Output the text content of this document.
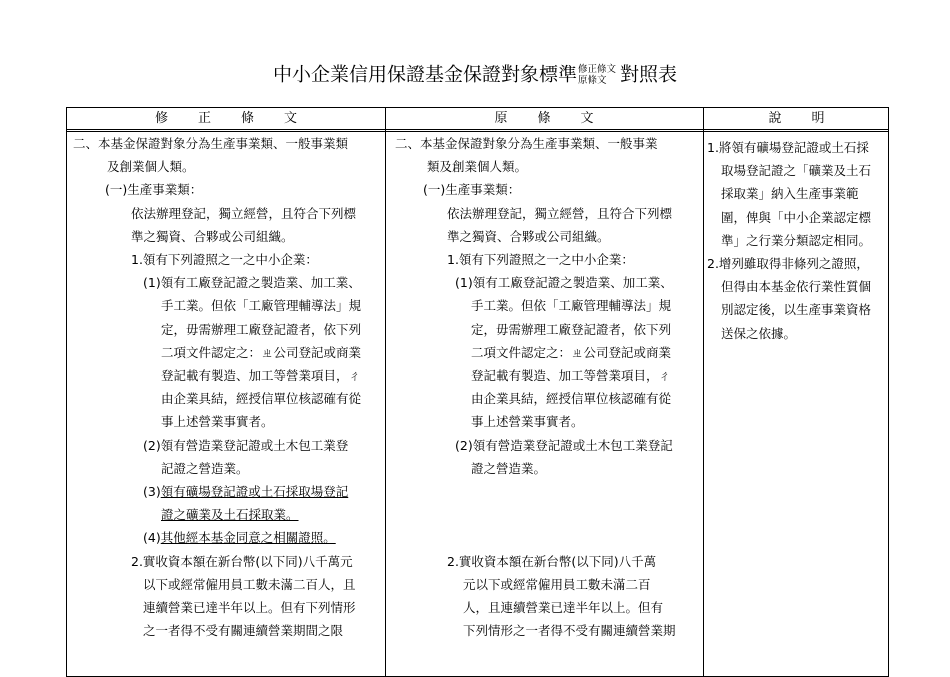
中小企業信用保證基金保證對象標準 修正條文
原條文 對照表
修正條文	原條文	說明
二、本基金保證對象分為生產事業類、一般事業類
及創業個人類。
(一)生產事業類：
依法辦理登記，獨立經營，且符合下列標
準之獨資、合夥或公司組織。
1.領有下列證照之一之中小企業：
(1)領有工廠登記證之製造業、加工業、
手工業。但依「工廠管理輔導法」規
定，毋需辦理工廠登記證者，依下列
二項文件認定之：ㄓ公司登記或商業
登記載有製造、加工等營業項目，ㄔ
由企業具結，經授信單位核認確有從
事上述營業事實者。
(2)領有營造業登記證或土木包工業登
記證之營造業。
(3)領有礦場登記證或土石採取場登記
證之礦業及土石採取業。
(4)其他經本基金同意之相關證照。
2.實收資本額在新台幣(以下同)八千萬元
以下或經常僱用員工數未滿二百人，且
連續營業已達半年以上。但有下列情形
之一者得不受有關連續營業期間之限
二、本基金保證對象分為生產事業類、一般事業
類及創業個人類。
(一)生產事業類：
依法辦理登記，獨立經營，且符合下列標
準之獨資、合夥或公司組織。
1.領有下列證照之一之中小企業：
(1)領有工廠登記證之製造業、加工業、
手工業。但依「工廠管理輔導法」規
定，毋需辦理工廠登記證者，依下列
二項文件認定之：ㄓ公司登記或商業
登記載有製造、加工等營業項目，ㄔ
由企業具結，經授信單位核認確有從
事上述營業事實者。
(2)領有營造業登記證或土木包工業登記
證之營造業。
2.實收資本額在新台幣(以下同)八千萬
元以下或經常僱用員工數未滿二百
人，且連續營業已達半年以上。但有
下列情形之一者得不受有關連續營業期
1.將領有礦場登記證或土石採
取場登記證之「礦業及土石
採取業」納入生產事業範
圍，俾與「中小企業認定標
準」之行業分類認定相同。
2.增列雖取得非條列之證照，
但得由本基金依行業性質個
別認定後，以生產事業資格
送保之依據。
